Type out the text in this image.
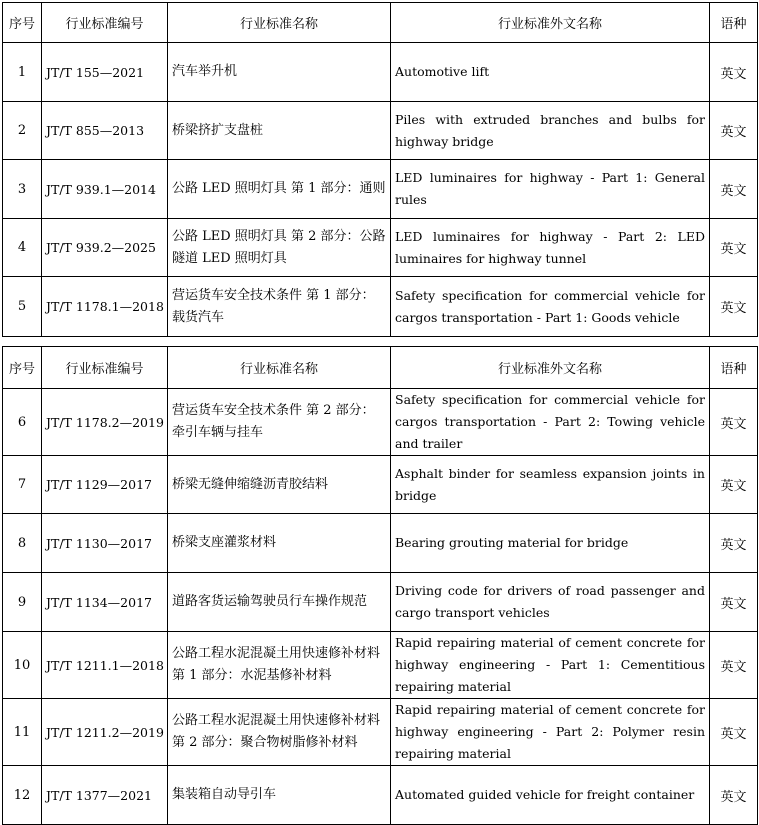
序号	行业标准编号	行业标准名称	行业标准外文名称	语种
1	JT/T 155—2021	汽车举升机	Automotive lift	英文
2	JT/T 855—2013	桥梁挤扩支盘桩	Piles with extruded branches and bulbs for highway bridge	英文
3	JT/T 939.1—2014	公路 LED 照明灯具 第 1 部分：通则	LED luminaires for highway - Part 1: General rules	英文
4	JT/T 939.2—2025	公路 LED 照明灯具 第 2 部分：公路隧道 LED 照明灯具	LED luminaires for highway - Part 2: LED luminaires for highway tunnel	英文
5	JT/T 1178.1—2018	营运货车安全技术条件 第 1 部分：载货汽车	Safety specification for commercial vehicle for cargos transportation - Part 1: Goods vehicle	英文
序号	行业标准编号	行业标准名称	行业标准外文名称	语种
6	JT/T 1178.2—2019	营运货车安全技术条件 第 2 部分：牵引车辆与挂车	Safety specification for commercial vehicle for cargos transportation - Part 2: Towing vehicle and trailer	英文
7	JT/T 1129—2017	桥梁无缝伸缩缝沥青胶结料	Asphalt binder for seamless expansion joints in bridge	英文
8	JT/T 1130—2017	桥梁支座灌浆材料	Bearing grouting material for bridge	英文
9	JT/T 1134—2017	道路客货运输驾驶员行车操作规范	Driving code for drivers of road passenger and cargo transport vehicles	英文
10	JT/T 1211.1—2018	公路工程水泥混凝土用快速修补材料 第 1 部分：水泥基修补材料	Rapid repairing material of cement concrete for highway engineering - Part 1: Cementitious repairing material	英文
11	JT/T 1211.2—2019	公路工程水泥混凝土用快速修补材料 第 2 部分：聚合物树脂修补材料	Rapid repairing material of cement concrete for highway engineering - Part 2: Polymer resin repairing material	英文
12	JT/T 1377—2021	集装箱自动导引车	Automated guided vehicle for freight container	英文
